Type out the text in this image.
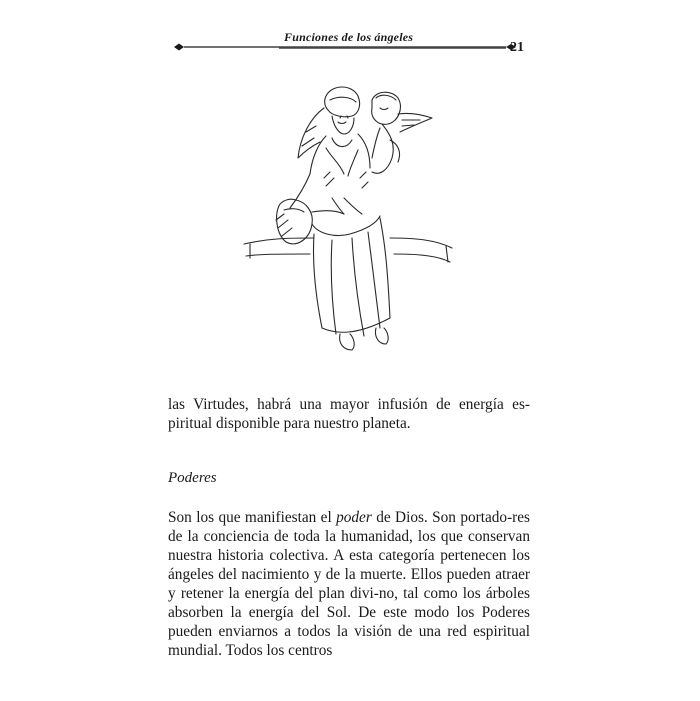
Funciones de los ángeles
21

las Virtudes, habrá una mayor infusión de energía es-piritual disponible para nuestro planeta.

Poderes

Son los que manifiestan el poder de Dios. Son portado-res de la conciencia de toda la humanidad, los que conservan nuestra historia colectiva. A esta categoría pertenecen los ángeles del nacimiento y de la muerte. Ellos pueden atraer y retener la energía del plan divi-no, tal como los árboles absorben la energía del Sol. De este modo los Poderes pueden enviarnos a todos la visión de una red espiritual mundial. Todos los centros
